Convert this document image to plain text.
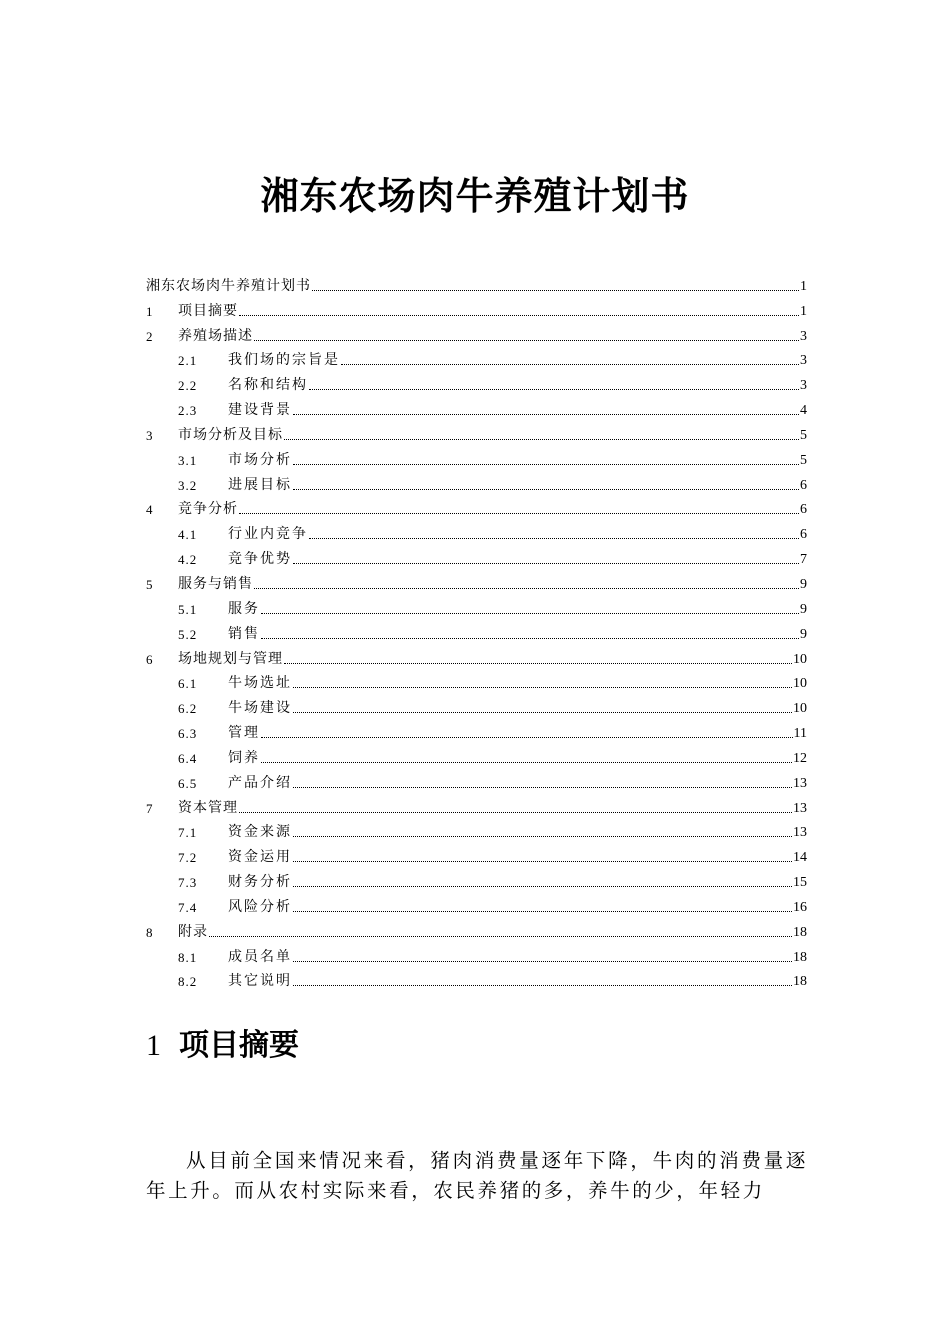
湘东农场肉牛养殖计划书
湘东农场肉牛养殖计划书	1
1	项目摘要	1
2	养殖场描述	3
2.1	我们场的宗旨是	3
2.2	名称和结构	3
2.3	建设背景	4
3	市场分析及目标	5
3.1	市场分析	5
3.2	进展目标	6
4	竞争分析	6
4.1	行业内竞争	6
4.2	竞争优势	7
5	服务与销售	9
5.1	服务	9
5.2	销售	9
6	场地规划与管理	10
6.1	牛场选址	10
6.2	牛场建设	10
6.3	管理	11
6.4	饲养	12
6.5	产品介绍	13
7	资本管理	13
7.1	资金来源	13
7.2	资金运用	14
7.3	财务分析	15
7.4	风险分析	16
8	附录	18
8.1	成员名单	18
8.2	其它说明	18
1 项目摘要
从目前全国来情况来看，猪肉消费量逐年下降，牛肉的消费量逐年上升。而从农村实际来看，农民养猪的多，养牛的少，年轻力
